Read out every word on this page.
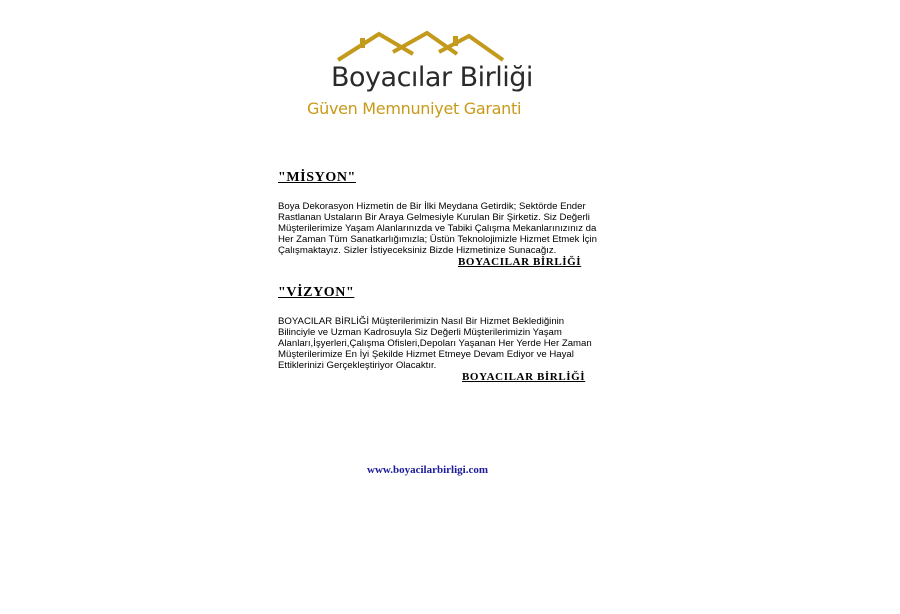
Boyacılar Birliği
Güven Memnuniyet Garanti
"MİSYON"
Boya Dekorasyon Hizmetin de Bir İlki Meydana Getirdik; Sektörde Ender Rastlanan Ustaların Bir Araya Gelmesiyle Kurulan Bir Şirketiz. Siz Değerli Müşterilerimize Yaşam Alanlarınızda ve Tabiki Çalışma Mekanlarınızınız da Her Zaman Tüm Sanatkarlığımızla; Üstün Teknolojimizle Hizmet Etmek İçin Çalışmaktayız. Sizler İstiyeceksiniz Bizde Hizmetinize Sunacağız.
BOYACILAR BİRLİĞİ
"VİZYON"
BOYACILAR BİRLİĞİ Müşterilerimizin Nasıl Bir Hizmet Beklediğinin Bilinciyle ve Uzman Kadrosuyla Siz Değerli Müşterilerimizin Yaşam Alanları,İşyerleri,Çalışma Ofisleri,Depoları Yaşanan Her Yerde Her Zaman Müşterilerimize En İyi Şekilde Hizmet Etmeye Devam Ediyor ve Hayal Ettiklerinizi Gerçekleştiriyor Olacaktır.
BOYACILAR BİRLİĞİ
www.boyacilarbirligi.com
